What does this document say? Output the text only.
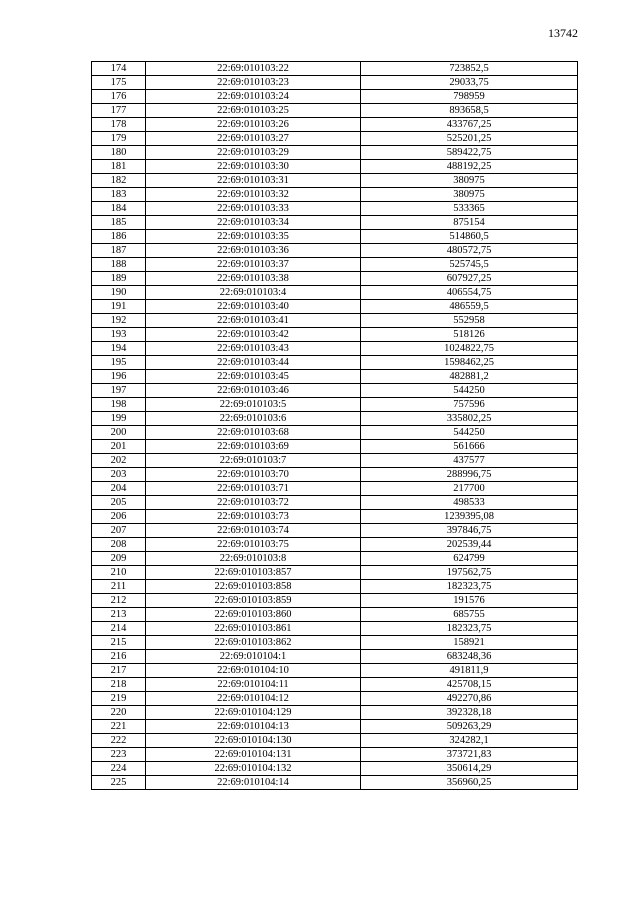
13742
174	22:69:010103:22	723852,5
175	22:69:010103:23	29033,75
176	22:69:010103:24	798959
177	22:69:010103:25	893658,5
178	22:69:010103:26	433767,25
179	22:69:010103:27	525201,25
180	22:69:010103:29	589422,75
181	22:69:010103:30	488192,25
182	22:69:010103:31	380975
183	22:69:010103:32	380975
184	22:69:010103:33	533365
185	22:69:010103:34	875154
186	22:69:010103:35	514860,5
187	22:69:010103:36	480572,75
188	22:69:010103:37	525745,5
189	22:69:010103:38	607927,25
190	22:69:010103:4	406554,75
191	22:69:010103:40	486559,5
192	22:69:010103:41	552958
193	22:69:010103:42	518126
194	22:69:010103:43	1024822,75
195	22:69:010103:44	1598462,25
196	22:69:010103:45	482881,2
197	22:69:010103:46	544250
198	22:69:010103:5	757596
199	22:69:010103:6	335802,25
200	22:69:010103:68	544250
201	22:69:010103:69	561666
202	22:69:010103:7	437577
203	22:69:010103:70	288996,75
204	22:69:010103:71	217700
205	22:69:010103:72	498533
206	22:69:010103:73	1239395,08
207	22:69:010103:74	397846,75
208	22:69:010103:75	202539,44
209	22:69:010103:8	624799
210	22:69:010103:857	197562,75
211	22:69:010103:858	182323,75
212	22:69:010103:859	191576
213	22:69:010103:860	685755
214	22:69:010103:861	182323,75
215	22:69:010103:862	158921
216	22:69:010104:1	683248,36
217	22:69:010104:10	491811,9
218	22:69:010104:11	425708,15
219	22:69:010104:12	492270,86
220	22:69:010104:129	392328,18
221	22:69:010104:13	509263,29
222	22:69:010104:130	324282,1
223	22:69:010104:131	373721,83
224	22:69:010104:132	350614,29
225	22:69:010104:14	356960,25
